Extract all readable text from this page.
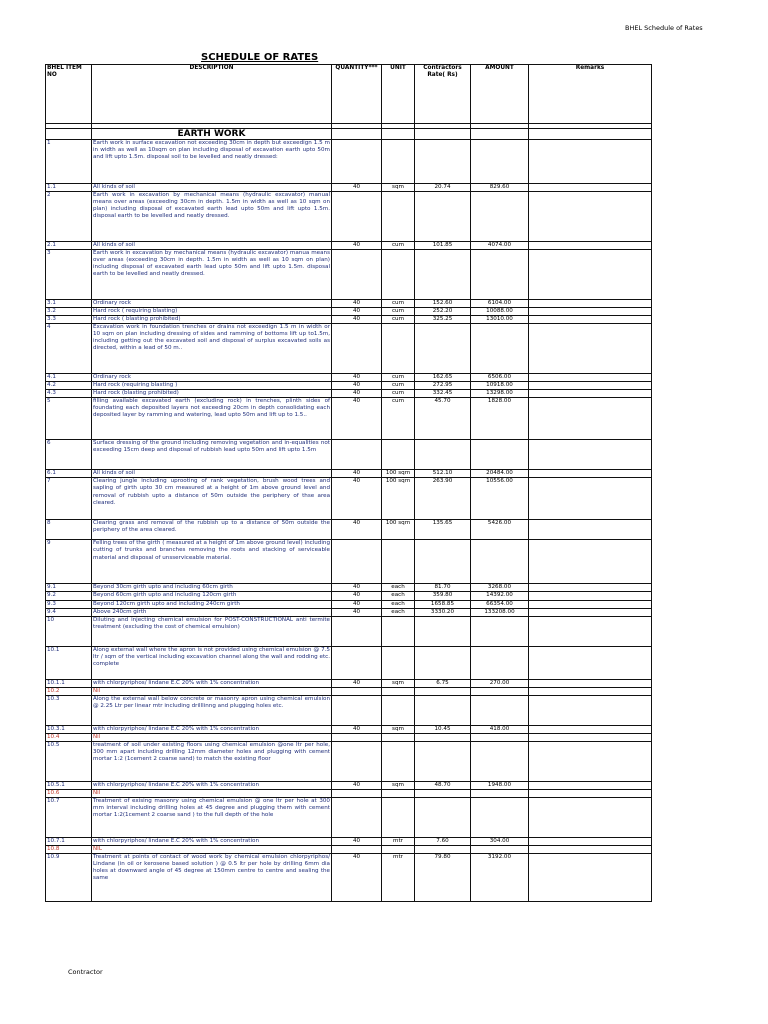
BHEL Schedule of Rates
SCHEDULE OF RATES
BHEL ITEM NO	DESCRIPTION	QUANTITY***	UNIT	Contractors Rate( Rs)	AMOUNT	Remarks

	EARTH WORK					
1	Earth work in surface excavation not exceeding 30cm in depth but exceedign 1.5 m in width as well as 10sqm on plan including disposal of excavation earth upto 50m and lift upto 1.5m. disposal soil to be levelled and neatly dressed:					
1.1	All kinds of soil	40	sqm	20.74	829.60	
2	Earth work in excavation by mechanical means (hydraulic excavator) manual means over areas (exceeding 30cm in depth. 1.5m in width as well as 10 sqm on plan) including disposal of excavated earth lead upto 50m and lift upto 1.5m. disposal earth to be levelled and neatly dressed.					
2.1	All kinds of soil	40	cum	101.85	4074.00	
3	Earth work in excavation by mechanical means (hydraulic excavator) manua means over areas (exceeding 30cm in depth. 1.5m in width as well as 10 sqm on plan) including disposal of excavated earth lead upto 50m and lift upto 1.5m. disposal earth to be levelled and neatly dressed.					
3.1	Ordinary rock	40	cum	152.60	6104.00	
3.2	Hard rock ( requiring blasting)	40	cum	252.20	10088.00	
3.3	Hard rock ( blasting prohibited)	40	cum	325.25	13010.00	
4	Excavation work in foundation trenches or drains not exceedign 1.5 m in width or 10 sqm on plan including dressing of sides and ramming of bottoms lift up to1.5m, including getting out the excavated soil and disposal of surplus excavated soils as directed, within a lead of 50 m..					
4.1	Ordinary rock	40	cum	162.65	6506.00	
4.2	Hard rock (requiring blasting )	40	cum	272.95	10918.00	
4.3	Hard rock (blasting prohibited)	40	cum	332.45	13298.00	
5	filling available excavated earth (excluding rock) in trenches, plinth sides of foundating each deposited layers not exceeding 20cm in depth consolidating each deposited layer by ramming and watering, lead upto 50m and lift up to 1.5..	40	cum	45.70	1828.00	
6	Surface dressing of the ground including removing vegetation and in-equalities not exceeding 15cm deep and disposal of rubbish lead upto 50m and lift upto 1.5m					
6.1	All kinds of soil	40	100 sqm	512.10	20484.00	
7	Clearing jungle including uprooting of rank vegetation, brush wood trees and sapling of girth upto 30 cm measured at a height of 1m above ground level and removal of rubbish upto a distance of 50m outside the periphery of thse area cleared.	40	100 sqm	263.90	10556.00	
8	Clearing grass and removal of the rubbish up to a distance of 50m outside the periphery of the area cleared.	40	100 sqm	135.65	5426.00	
9	Felling trees of the girth ( measured at a height of 1m above ground level) including cutting of trunks and branches removing the roots and stacking of serviceable material and disposal of unsserviceable material.					
9.1	Beyond 30cm girth upto and including 60cm girth	40	each	81.70	3268.00	
9.2	Beyond 60cm girth upto and including 120cm girth	40	each	359.80	14392.00	
9.3	Beyond 120cm girth upto and including 240cm girth	40	each	1658.85	66354.00	
9.4	Above 240cm girth	40	each	3330.20	133208.00	
10	Diluting and injecting chemical emulsion for POST-CONSTRUCTIONAL anti termite treatment (excluding the cost of chemical emulsion)					
10.1	Along external wall where the apron is not provided using chemical emulsion @ 7.5 ltr / sqm of the vertical including excavation channel along the wall and rodding etc. complete					
10.1.1	with chlorpyriphos/ lindane E.C 20% with 1% concentration	40	sqm	6.75	270.00	
10.2	Nil					
10.3	Along the external wall below concrete or masonry apron using chemical emulsion @ 2.25 Ltr per linear mtr including drilllinng and plugging holes etc.					
10.3.1	with chlorpyriphos/ lindane E.C 20% with 1% concentration	40	sqm	10.45	418.00	
10.4	Nil					
10.5	treatment of soil under existing floors using chemical emulsion @one ltr per hole, 300 mm apart including drilling 12mm diameter holes and plugging with cement mortar 1:2 (1cement 2 coarse sand) to match the existing floor					
10.5.1	with chlorpyriphos/ lindane E.C 20% with 1% concentration	40	sqm	48.70	1948.00	
10.6	Nil					
10.7	Treatment of exising masonry using chemical emulsion @ one ltr per hole at 300 mm interval including drilling holes at 45 degree and plugging them with cement mortar 1:2(1cement 2 coarse sand ) to the full depth of the hole					
10.7.1	with chlorpyriphos/ lindane E.C 20% with 1% concentration	40	mtr	7.60	304.00	
10.8	NIL					
10.9	Treatment at points of contact of wood work by chemical emulsion chlorpyriphos/ Lindane (in oil or kerosene based solution ) @ 0.5 ltr per hole by drilling 6mm dia holes at downward angle of 45 degree at 150mm centre to centre and sealing the same	40	mtr	79.80	3192.00	
Contractor
